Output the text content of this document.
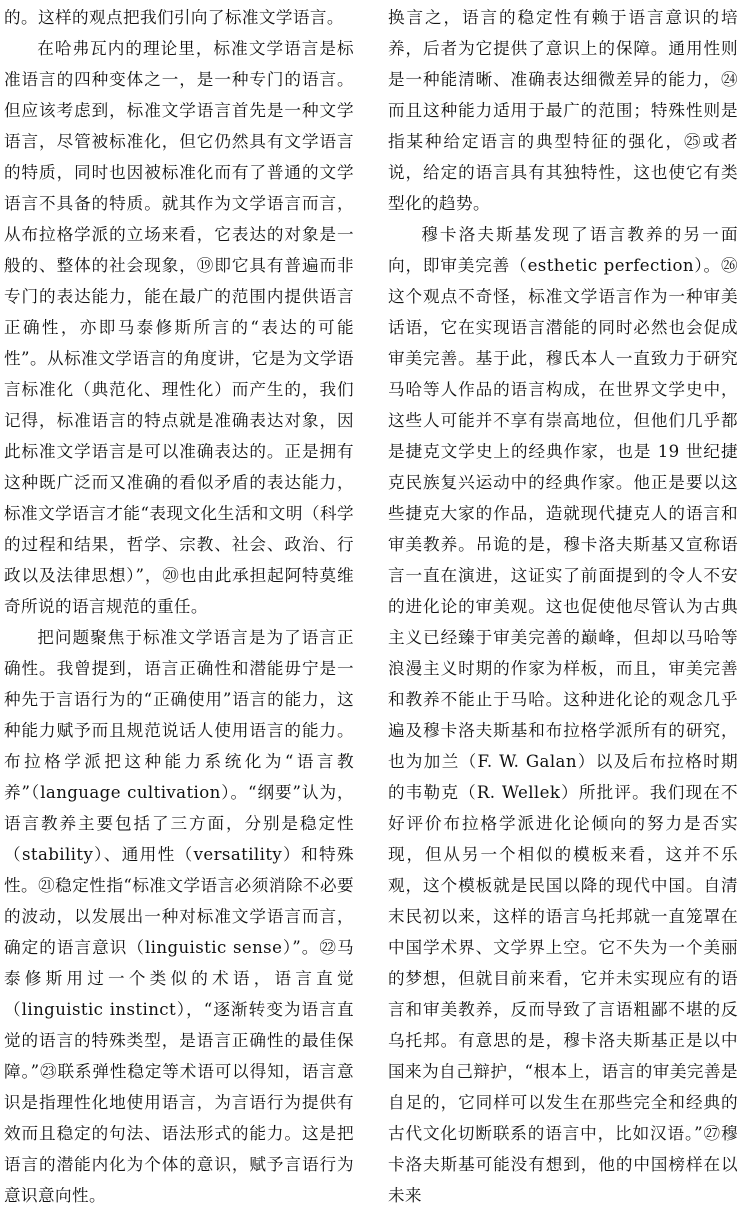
的。这样的观点把我们引向了标准文学语言。

在哈弗瓦内的理论里，标准文学语言是标准语言的四种变体之一，是一种专门的语言。但应该考虑到，标准文学语言首先是一种文学语言，尽管被标准化，但它仍然具有文学语言的特质，同时也因被标准化而有了普通的文学语言不具备的特质。就其作为文学语言而言，从布拉格学派的立场来看，它表达的对象是一般的、整体的社会现象，⑲即它具有普遍而非专门的表达能力，能在最广的范围内提供语言正确性，亦即马泰修斯所言的“表达的可能性”。从标准文学语言的角度讲，它是为文学语言标准化（典范化、理性化）而产生的，我们记得，标准语言的特点就是准确表达对象，因此标准文学语言是可以准确表达的。正是拥有这种既广泛而又准确的看似矛盾的表达能力，标准文学语言才能“表现文化生活和文明（科学的过程和结果，哲学、宗教、社会、政治、行政以及法律思想）”，⑳也由此承担起阿特莫维奇所说的语言规范的重任。

把问题聚焦于标准文学语言是为了语言正确性。我曾提到，语言正确性和潜能毋宁是一种先于言语行为的“正确使用”语言的能力，这种能力赋予而且规范说话人使用语言的能力。布拉格学派把这种能力系统化为“语言教养”（language cultivation）。“纲要”认为，语言教养主要包括了三方面，分别是稳定性（stability）、通用性（versatility）和特殊性。㉑稳定性指“标准文学语言必须消除不必要的波动，以发展出一种对标准文学语言而言，确定的语言意识（linguistic sense）”。㉒马泰修斯用过一个类似的术语，语言直觉（linguistic instinct），“逐渐转变为语言直觉的语言的特殊类型，是语言正确性的最佳保障。”㉓联系弹性稳定等术语可以得知，语言意识是指理性化地使用语言，为言语行为提供有效而且稳定的句法、语法形式的能力。这是把语言的潜能内化为个体的意识，赋予言语行为意识意向性。

换言之，语言的稳定性有赖于语言意识的培养，后者为它提供了意识上的保障。通用性则是一种能清晰、准确表达细微差异的能力，㉔而且这种能力适用于最广的范围；特殊性则是指某种给定语言的典型特征的强化，㉕或者说，给定的语言具有其独特性，这也使它有类型化的趋势。

穆卡洛夫斯基发现了语言教养的另一面向，即审美完善（esthetic perfection）。㉖这个观点不奇怪，标准文学语言作为一种审美话语，它在实现语言潜能的同时必然也会促成审美完善。基于此，穆氏本人一直致力于研究马哈等人作品的语言构成，在世界文学史中，这些人可能并不享有崇高地位，但他们几乎都是捷克文学史上的经典作家，也是 19 世纪捷克民族复兴运动中的经典作家。他正是要以这些捷克大家的作品，造就现代捷克人的语言和审美教养。吊诡的是，穆卡洛夫斯基又宣称语言一直在演进，这证实了前面提到的令人不安的进化论的审美观。这也促使他尽管认为古典主义已经臻于审美完善的巅峰，但却以马哈等浪漫主义时期的作家为样板，而且，审美完善和教养不能止于马哈。这种进化论的观念几乎遍及穆卡洛夫斯基和布拉格学派所有的研究，也为加兰（F. W. Galan）以及后布拉格时期的韦勒克（R. Wellek）所批评。我们现在不好评价布拉格学派进化论倾向的努力是否实现，但从另一个相似的模板来看，这并不乐观，这个模板就是民国以降的现代中国。自清末民初以来，这样的语言乌托邦就一直笼罩在中国学术界、文学界上空。它不失为一个美丽的梦想，但就目前来看，它并未实现应有的语言和审美教养，反而导致了言语粗鄙不堪的反乌托邦。有意思的是，穆卡洛夫斯基正是以中国来为自己辩护，“根本上，语言的审美完善是自足的，它同样可以发生在那些完全和经典的古代文化切断联系的语言中，比如汉语。”㉗穆卡洛夫斯基可能没有想到，他的中国榜样在以未来
